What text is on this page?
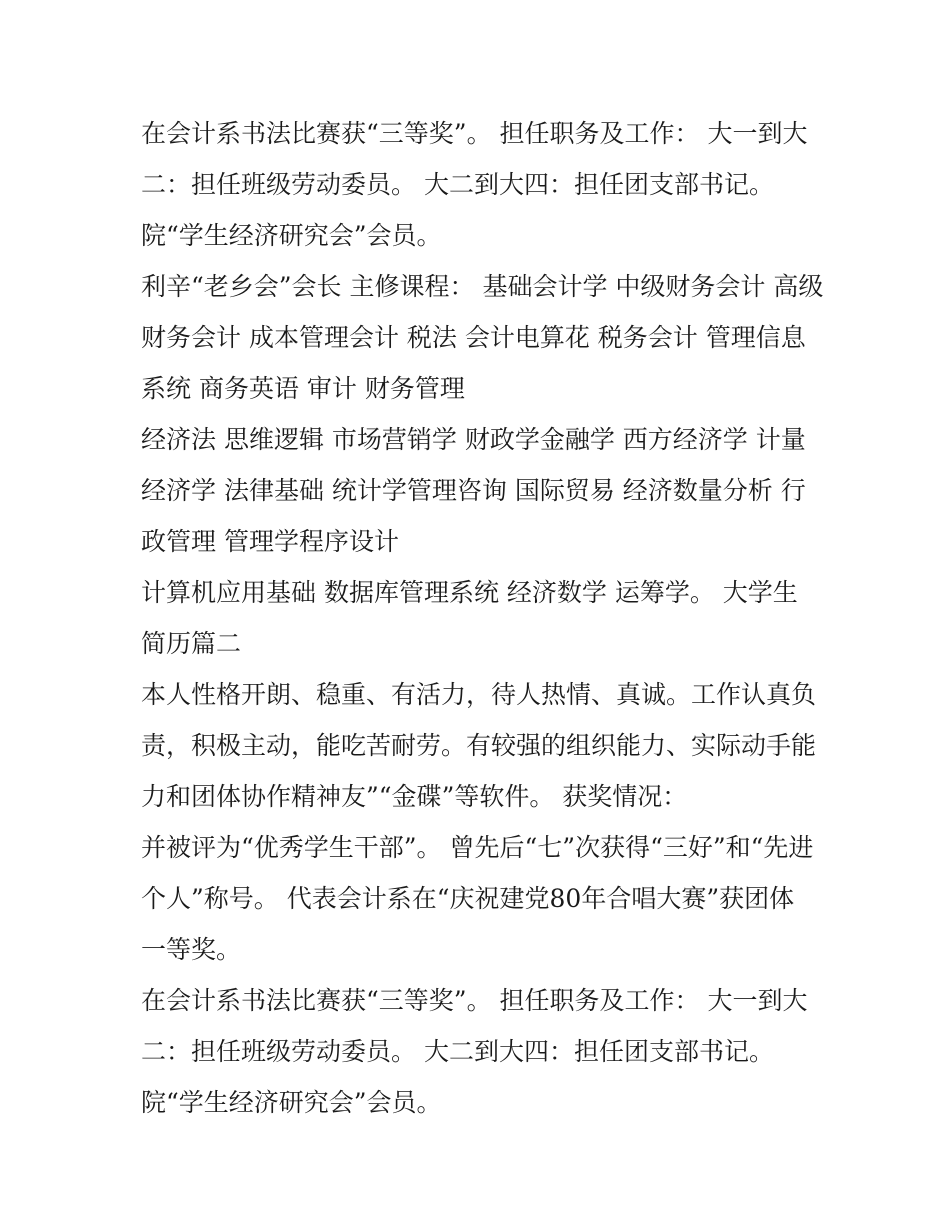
在会计系书法比赛获“三等奖”。 担任职务及工作： 大一到大
二：担任班级劳动委员。 大二到大四：担任团支部书记。
院“学生经济研究会”会员。
利辛“老乡会”会长 主修课程： 基础会计学 中级财务会计 高级
财务会计 成本管理会计 税法 会计电算花 税务会计 管理信息
系统 商务英语 审计 财务管理
经济法 思维逻辑 市场营销学 财政学金融学 西方经济学 计量
经济学 法律基础 统计学管理咨询 国际贸易 经济数量分析 行
政管理 管理学程序设计
计算机应用基础 数据库管理系统 经济数学 运筹学。 大学生
简历篇二
本人性格开朗、稳重、有活力，待人热情、真诚。工作认真负
责，积极主动，能吃苦耐劳。有较强的组织能力、实际动手能
力和团体协作精神友”“金碟”等软件。 获奖情况：
并被评为“优秀学生干部”。 曾先后“七”次获得“三好”和“先进
个人”称号。 代表会计系在“庆祝建党80年合唱大赛”获团体
一等奖。
在会计系书法比赛获“三等奖”。 担任职务及工作： 大一到大
二：担任班级劳动委员。 大二到大四：担任团支部书记。
院“学生经济研究会”会员。
